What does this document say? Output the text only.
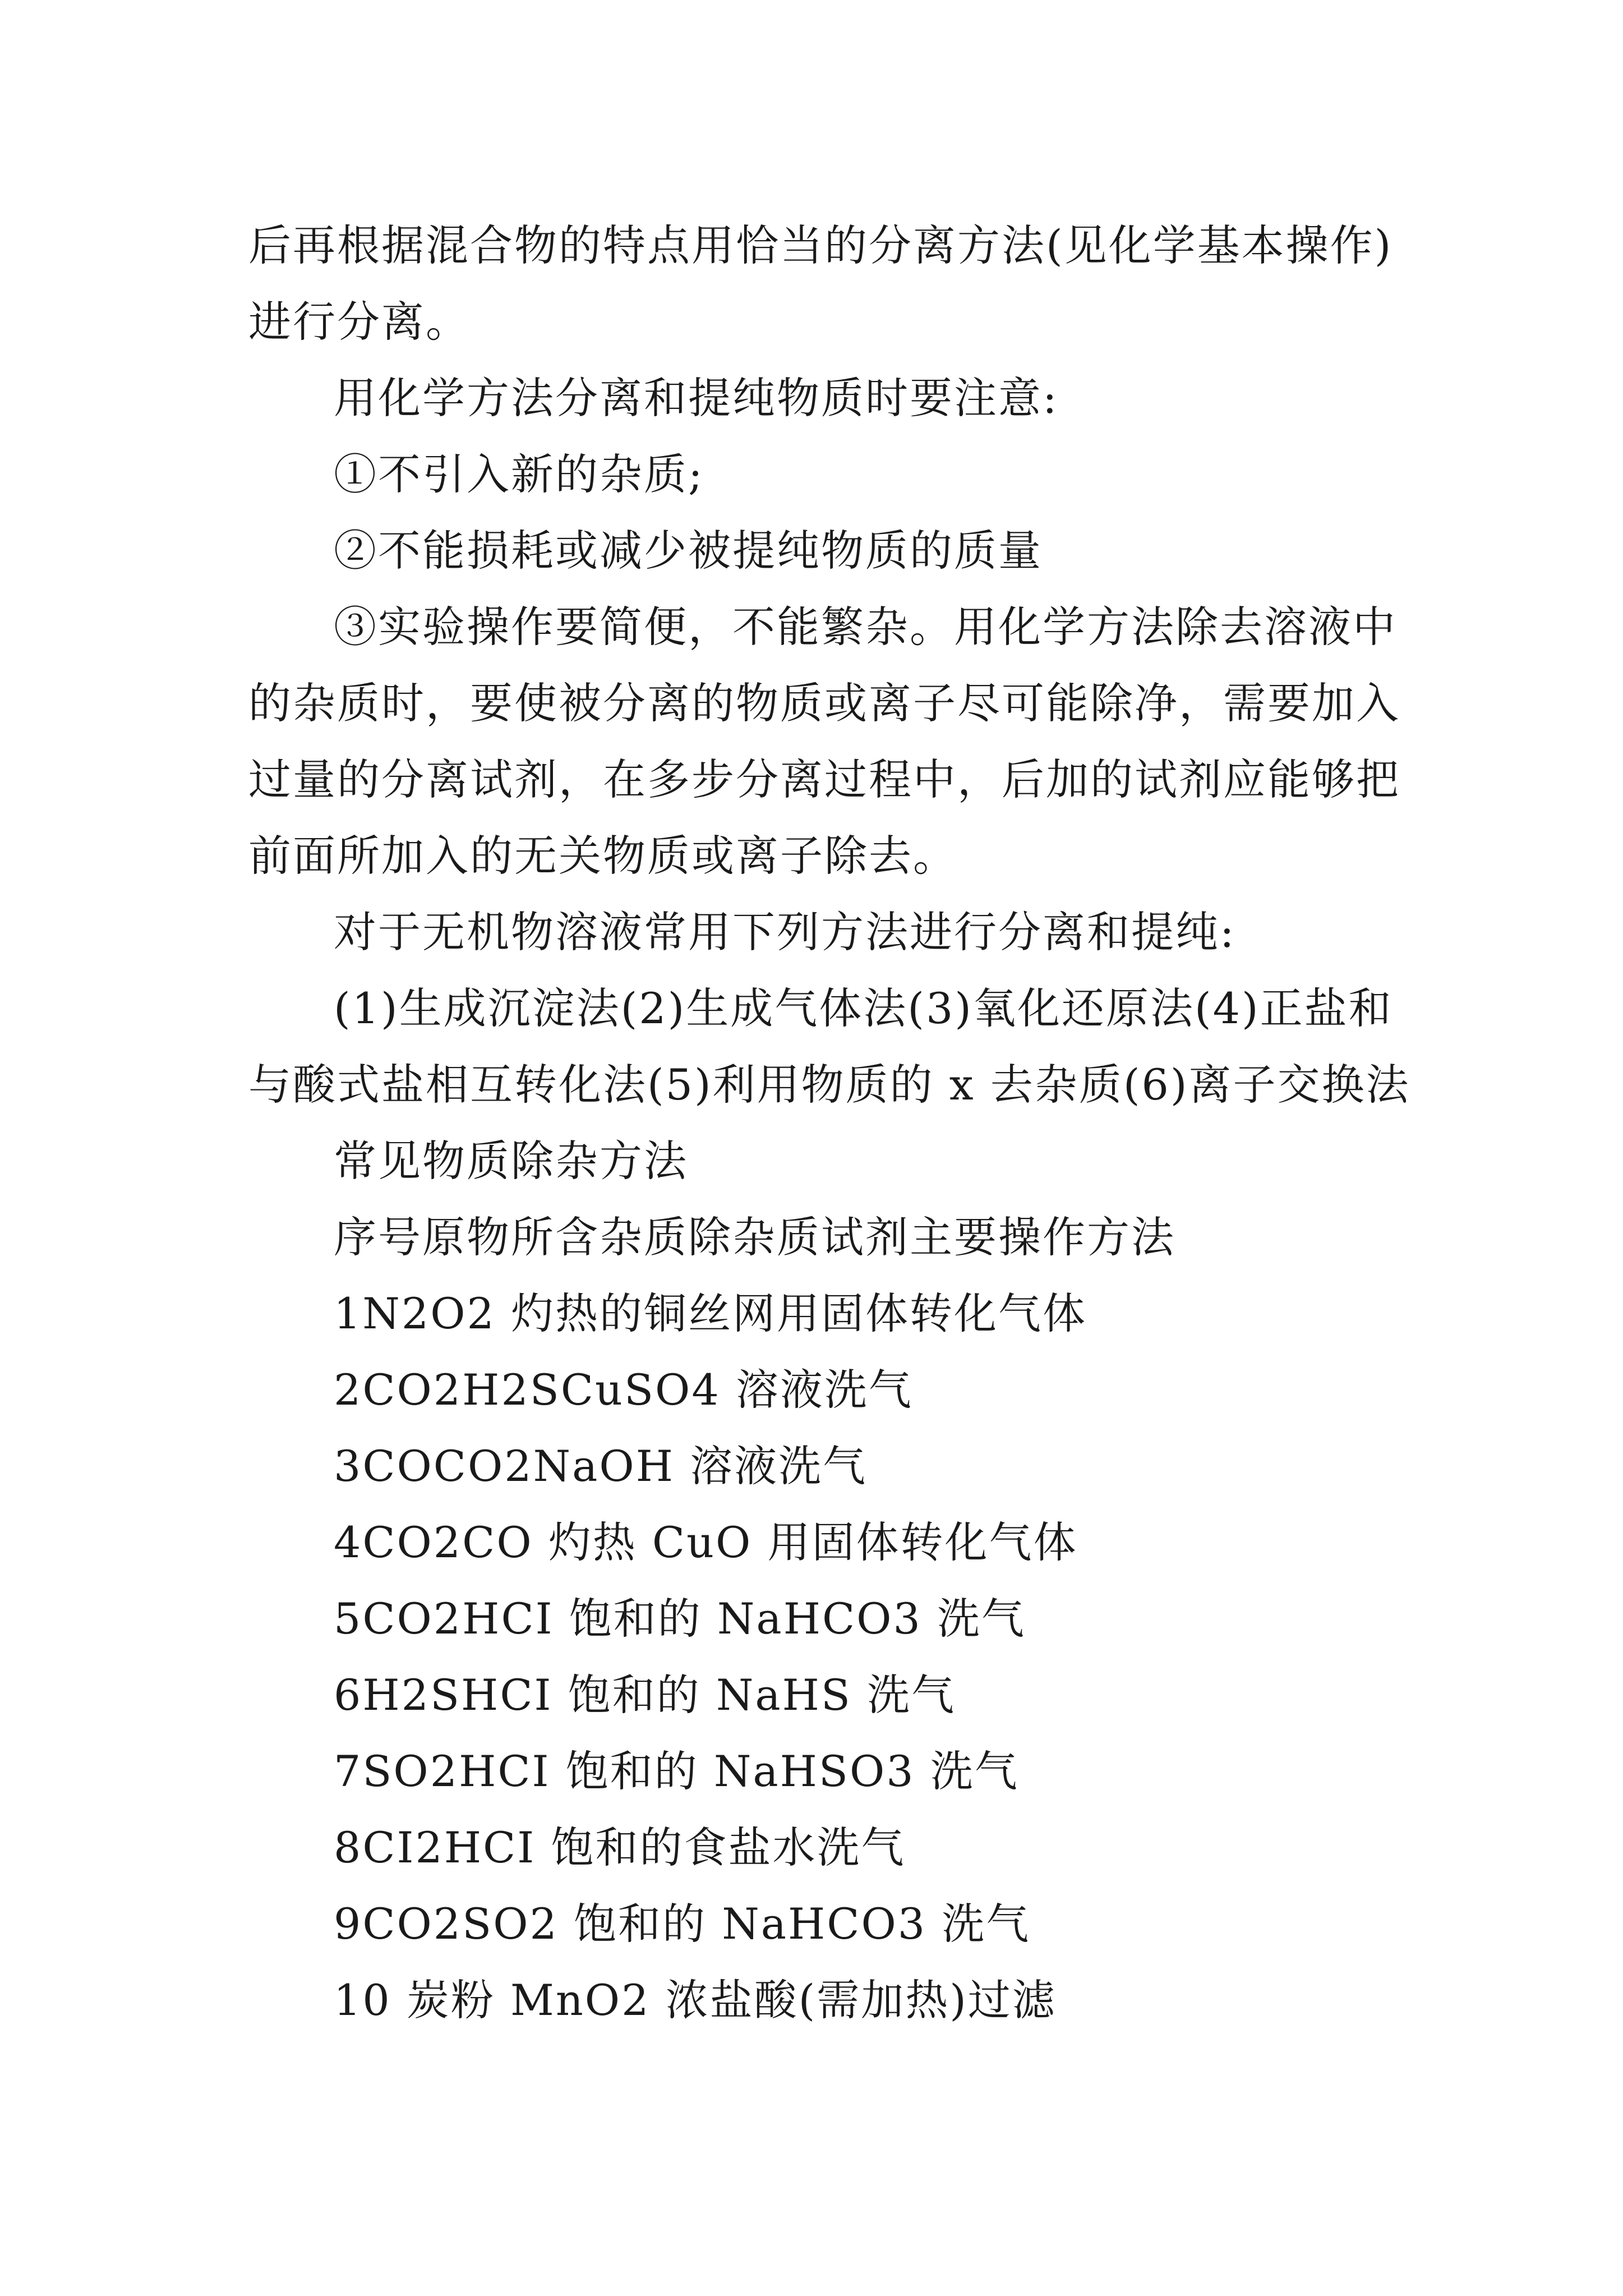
后再根据混合物的特点用恰当的分离方法(见化学基本操作)
进行分离。

用化学方法分离和提纯物质时要注意:

①不引入新的杂质;

②不能损耗或减少被提纯物质的质量

③实验操作要简便，不能繁杂。用化学方法除去溶液中
的杂质时，要使被分离的物质或离子尽可能除净，需要加入
过量的分离试剂，在多步分离过程中，后加的试剂应能够把
前面所加入的无关物质或离子除去。

对于无机物溶液常用下列方法进行分离和提纯:

(1)生成沉淀法(2)生成气体法(3)氧化还原法(4)正盐和
与酸式盐相互转化法(5)利用物质的 x 去杂质(6)离子交换法

常见物质除杂方法

序号原物所含杂质除杂质试剂主要操作方法

1N2O2 灼热的铜丝网用固体转化气体

2CO2H2SCuSO4 溶液洗气

3COCO2NaOH 溶液洗气

4CO2CO 灼热 CuO 用固体转化气体

5CO2HCI 饱和的 NaHCO3 洗气

6H2SHCI 饱和的 NaHS 洗气

7SO2HCI 饱和的 NaHSO3 洗气

8CI2HCI 饱和的食盐水洗气

9CO2SO2 饱和的 NaHCO3 洗气

10 炭粉 MnO2 浓盐酸(需加热)过滤
